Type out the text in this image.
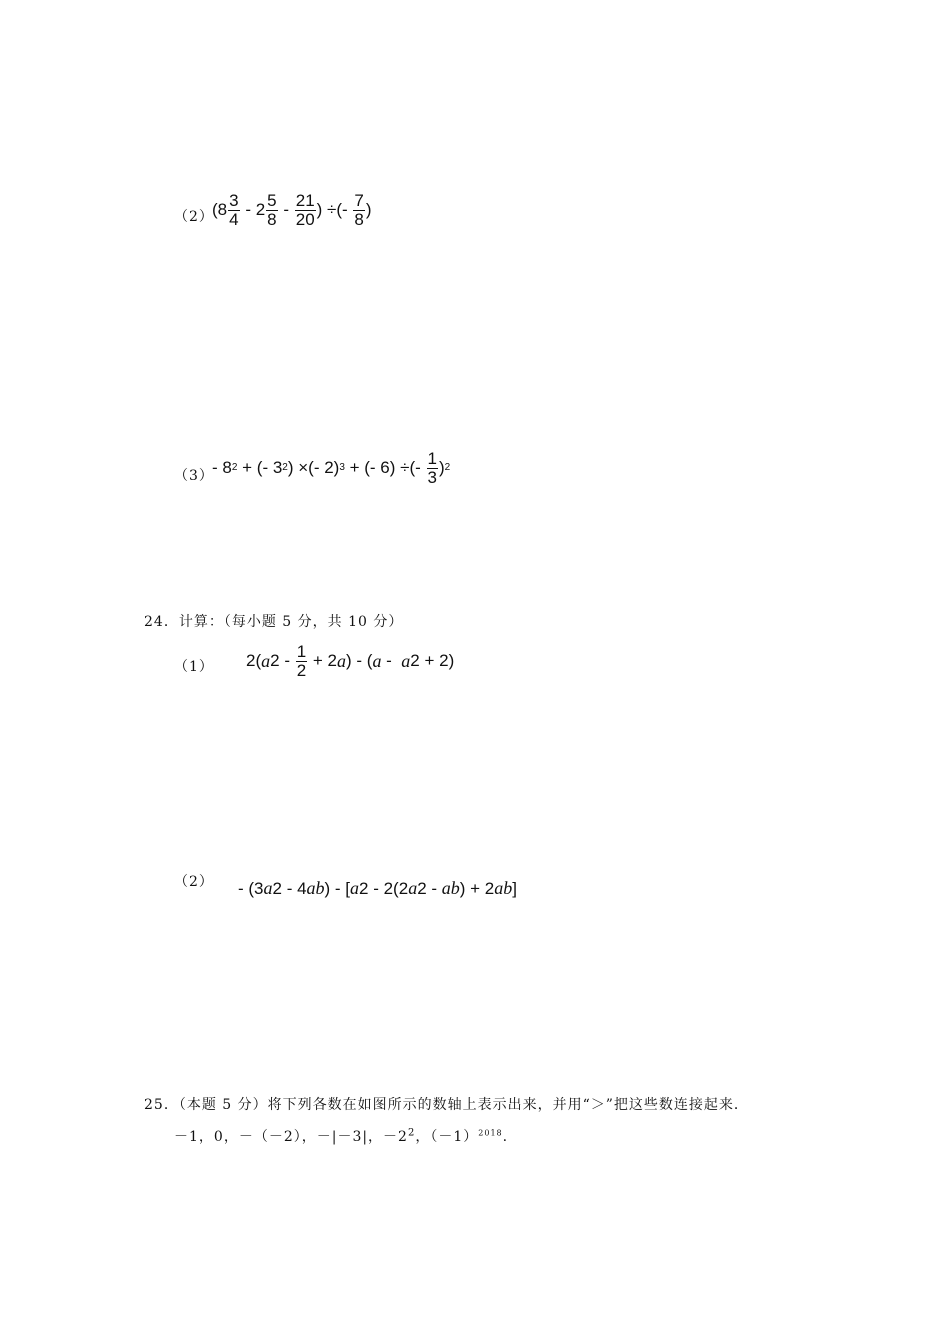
（2）
($8 \frac{3}{4} - 2 \frac{5}{8} - \frac{21}{20}$ ) ÷(- $\frac{7}{8}$ )
（3）
- 8 2 + (- 3 2 ) ×(- 2) 3 + (- 6) ÷(- $\frac{1}{3}$ ) 2
24．计算：（每小题 5 分，共 10 分）
（1） 2( a $2 - \frac{1}{2} + 2$ a ) - ( a - a 2 + 2)
（2） - (3 a 2 - 4 ab ) - [ a 2 - 2(2 a 2 - ab ) + 2 ab ]
25．（本题 5 分）将下列各数在如图所示的数轴上表示出来，并用“＞”把这些数连接起来．
－1，0，－（－2），－|－3|，$-2^2$，$(-1)^{2018}$.
